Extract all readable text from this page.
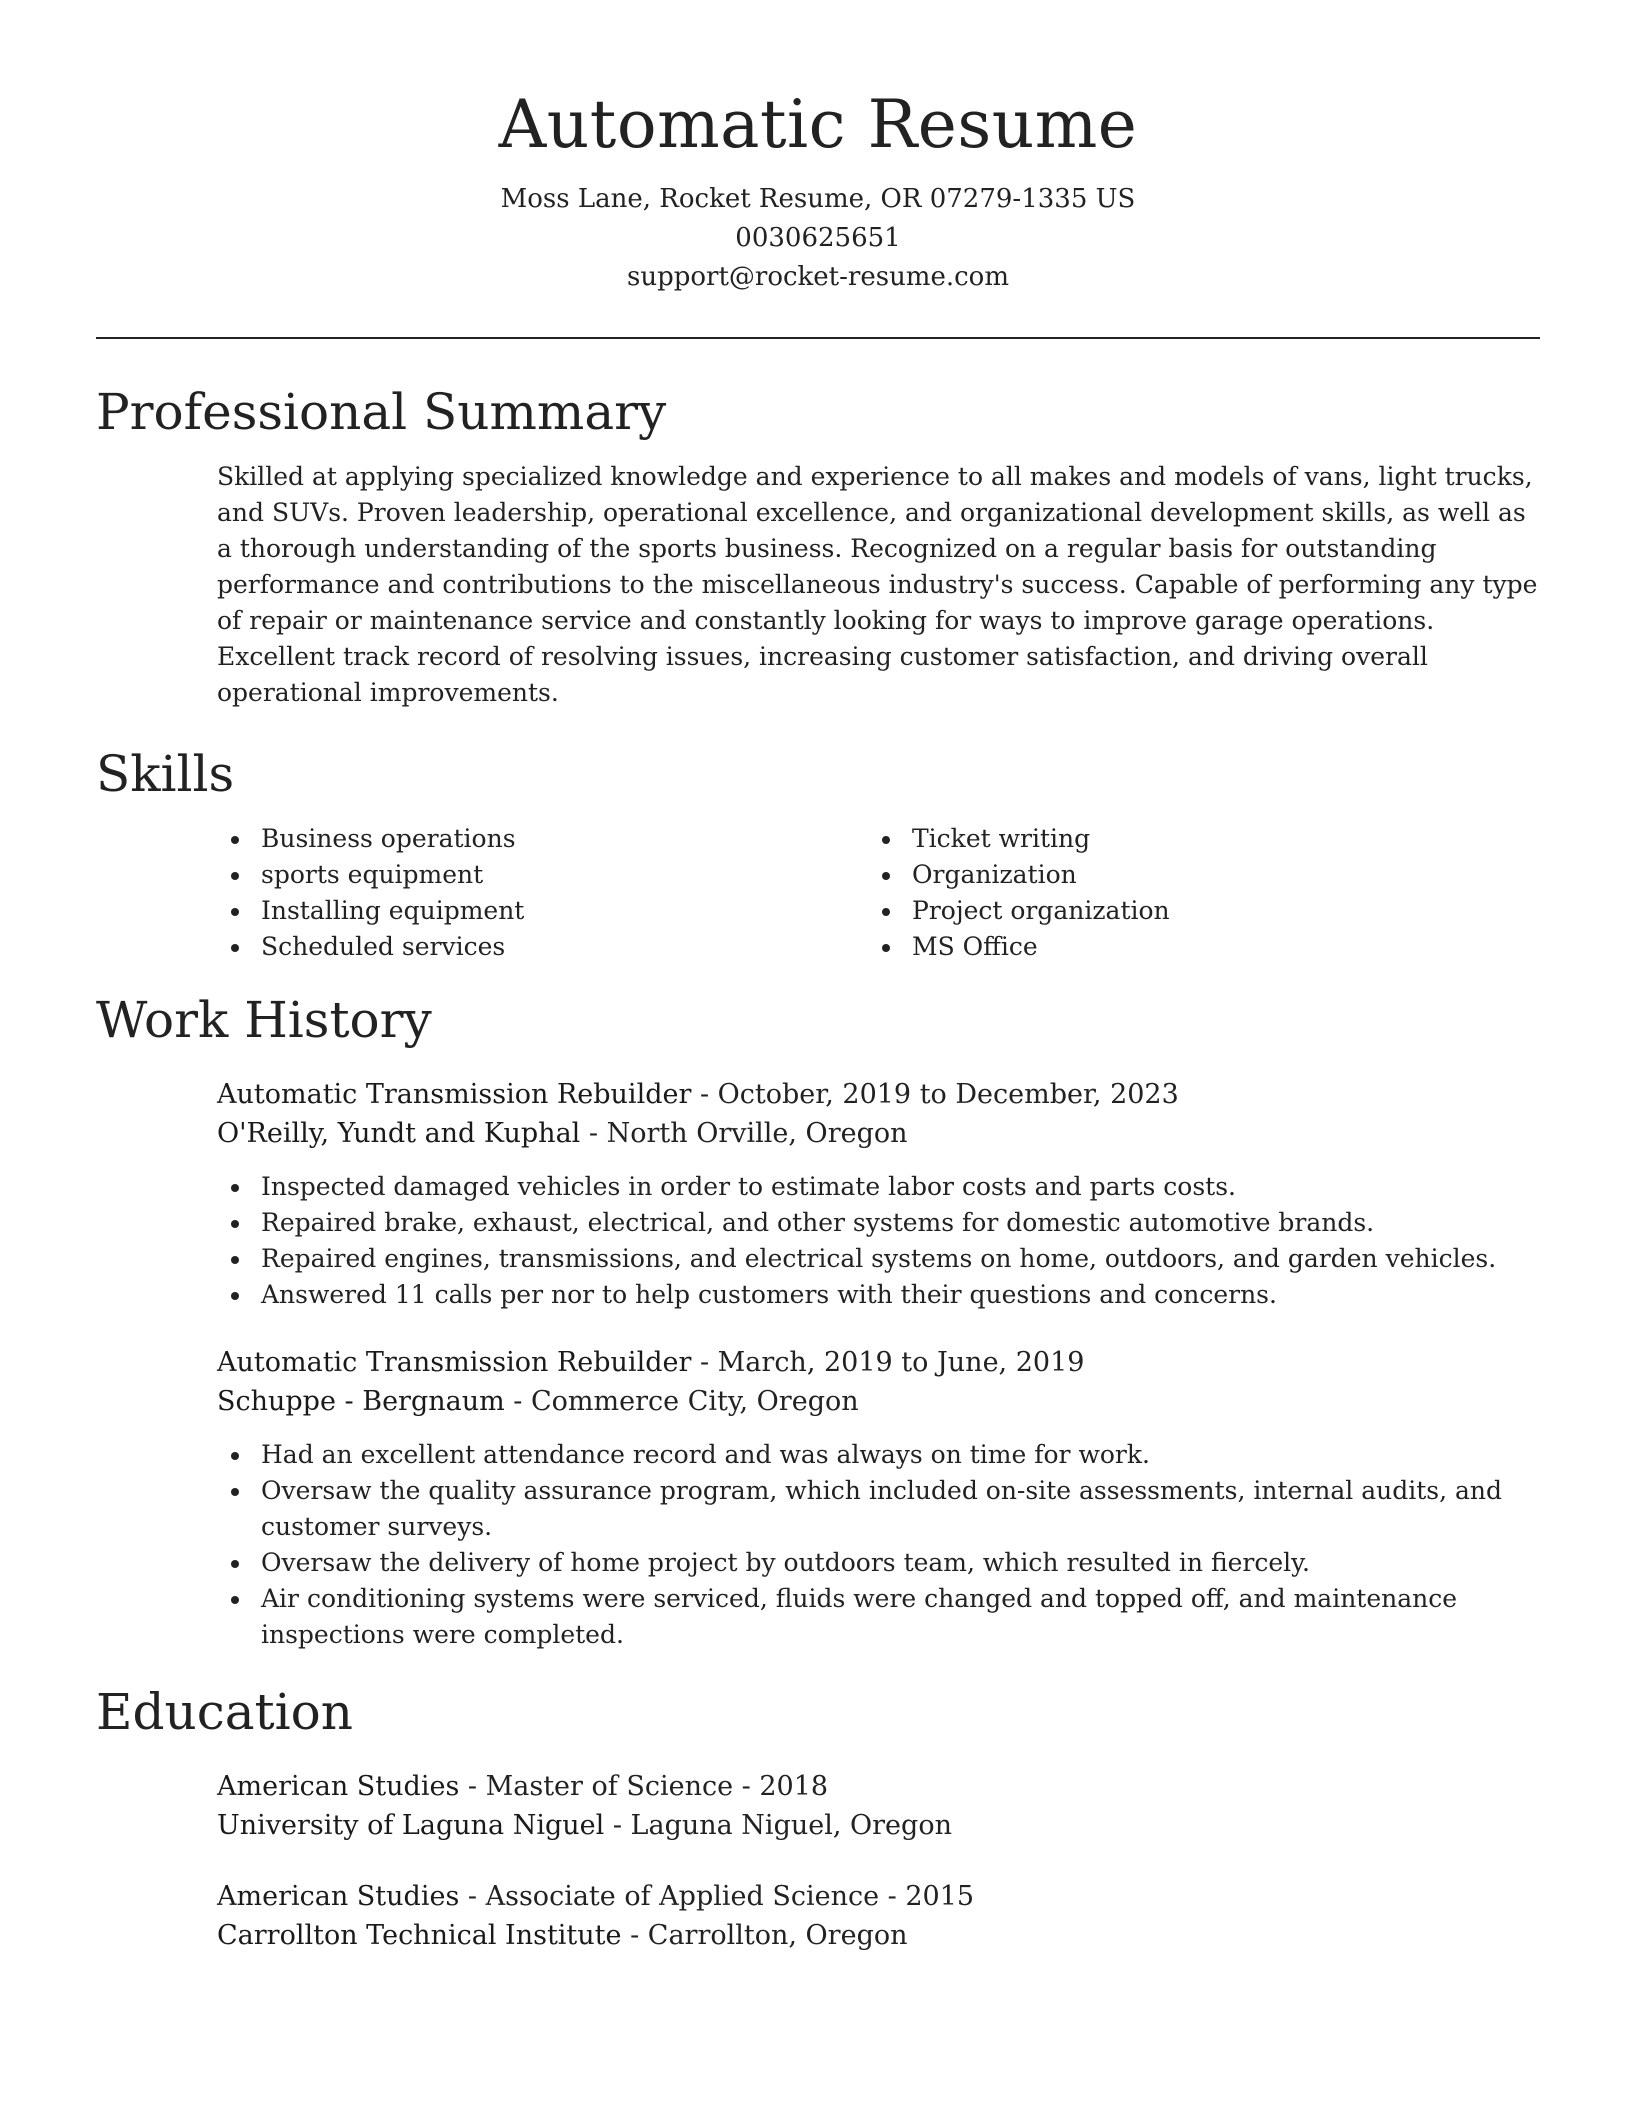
Automatic Resume
Moss Lane, Rocket Resume, OR 07279-1335 US
0030625651
support@rocket-resume.com
Professional Summary

Skilled at applying specialized knowledge and experience to all makes and models of vans, light trucks, and SUVs. Proven leadership, operational excellence, and organizational development skills, as well as a thorough understanding of the sports business. Recognized on a regular basis for outstanding performance and contributions to the miscellaneous industry's success. Capable of performing any type of repair or maintenance service and constantly looking for ways to improve garage operations. Excellent track record of resolving issues, increasing customer satisfaction, and driving overall operational improvements.

Skills
Business operations
sports equipment
Installing equipment
Scheduled services
Ticket writing
Organization
Project organization
MS Office
Work History
Automatic Transmission Rebuilder - October, 2019 to December, 2023
O'Reilly, Yundt and Kuphal - North Orville, Oregon
Inspected damaged vehicles in order to estimate labor costs and parts costs.
Repaired brake, exhaust, electrical, and other systems for domestic automotive brands.
Repaired engines, transmissions, and electrical systems on home, outdoors, and garden vehicles.
Answered 11 calls per nor to help customers with their questions and concerns.
Automatic Transmission Rebuilder - March, 2019 to June, 2019
Schuppe - Bergnaum - Commerce City, Oregon
Had an excellent attendance record and was always on time for work.
Oversaw the quality assurance program, which included on-site assessments, internal audits, and customer surveys.
Oversaw the delivery of home project by outdoors team, which resulted in fiercely.
Air conditioning systems were serviced, fluids were changed and topped off, and maintenance inspections were completed.
Education
American Studies - Master of Science - 2018
University of Laguna Niguel - Laguna Niguel, Oregon
American Studies - Associate of Applied Science - 2015
Carrollton Technical Institute - Carrollton, Oregon
